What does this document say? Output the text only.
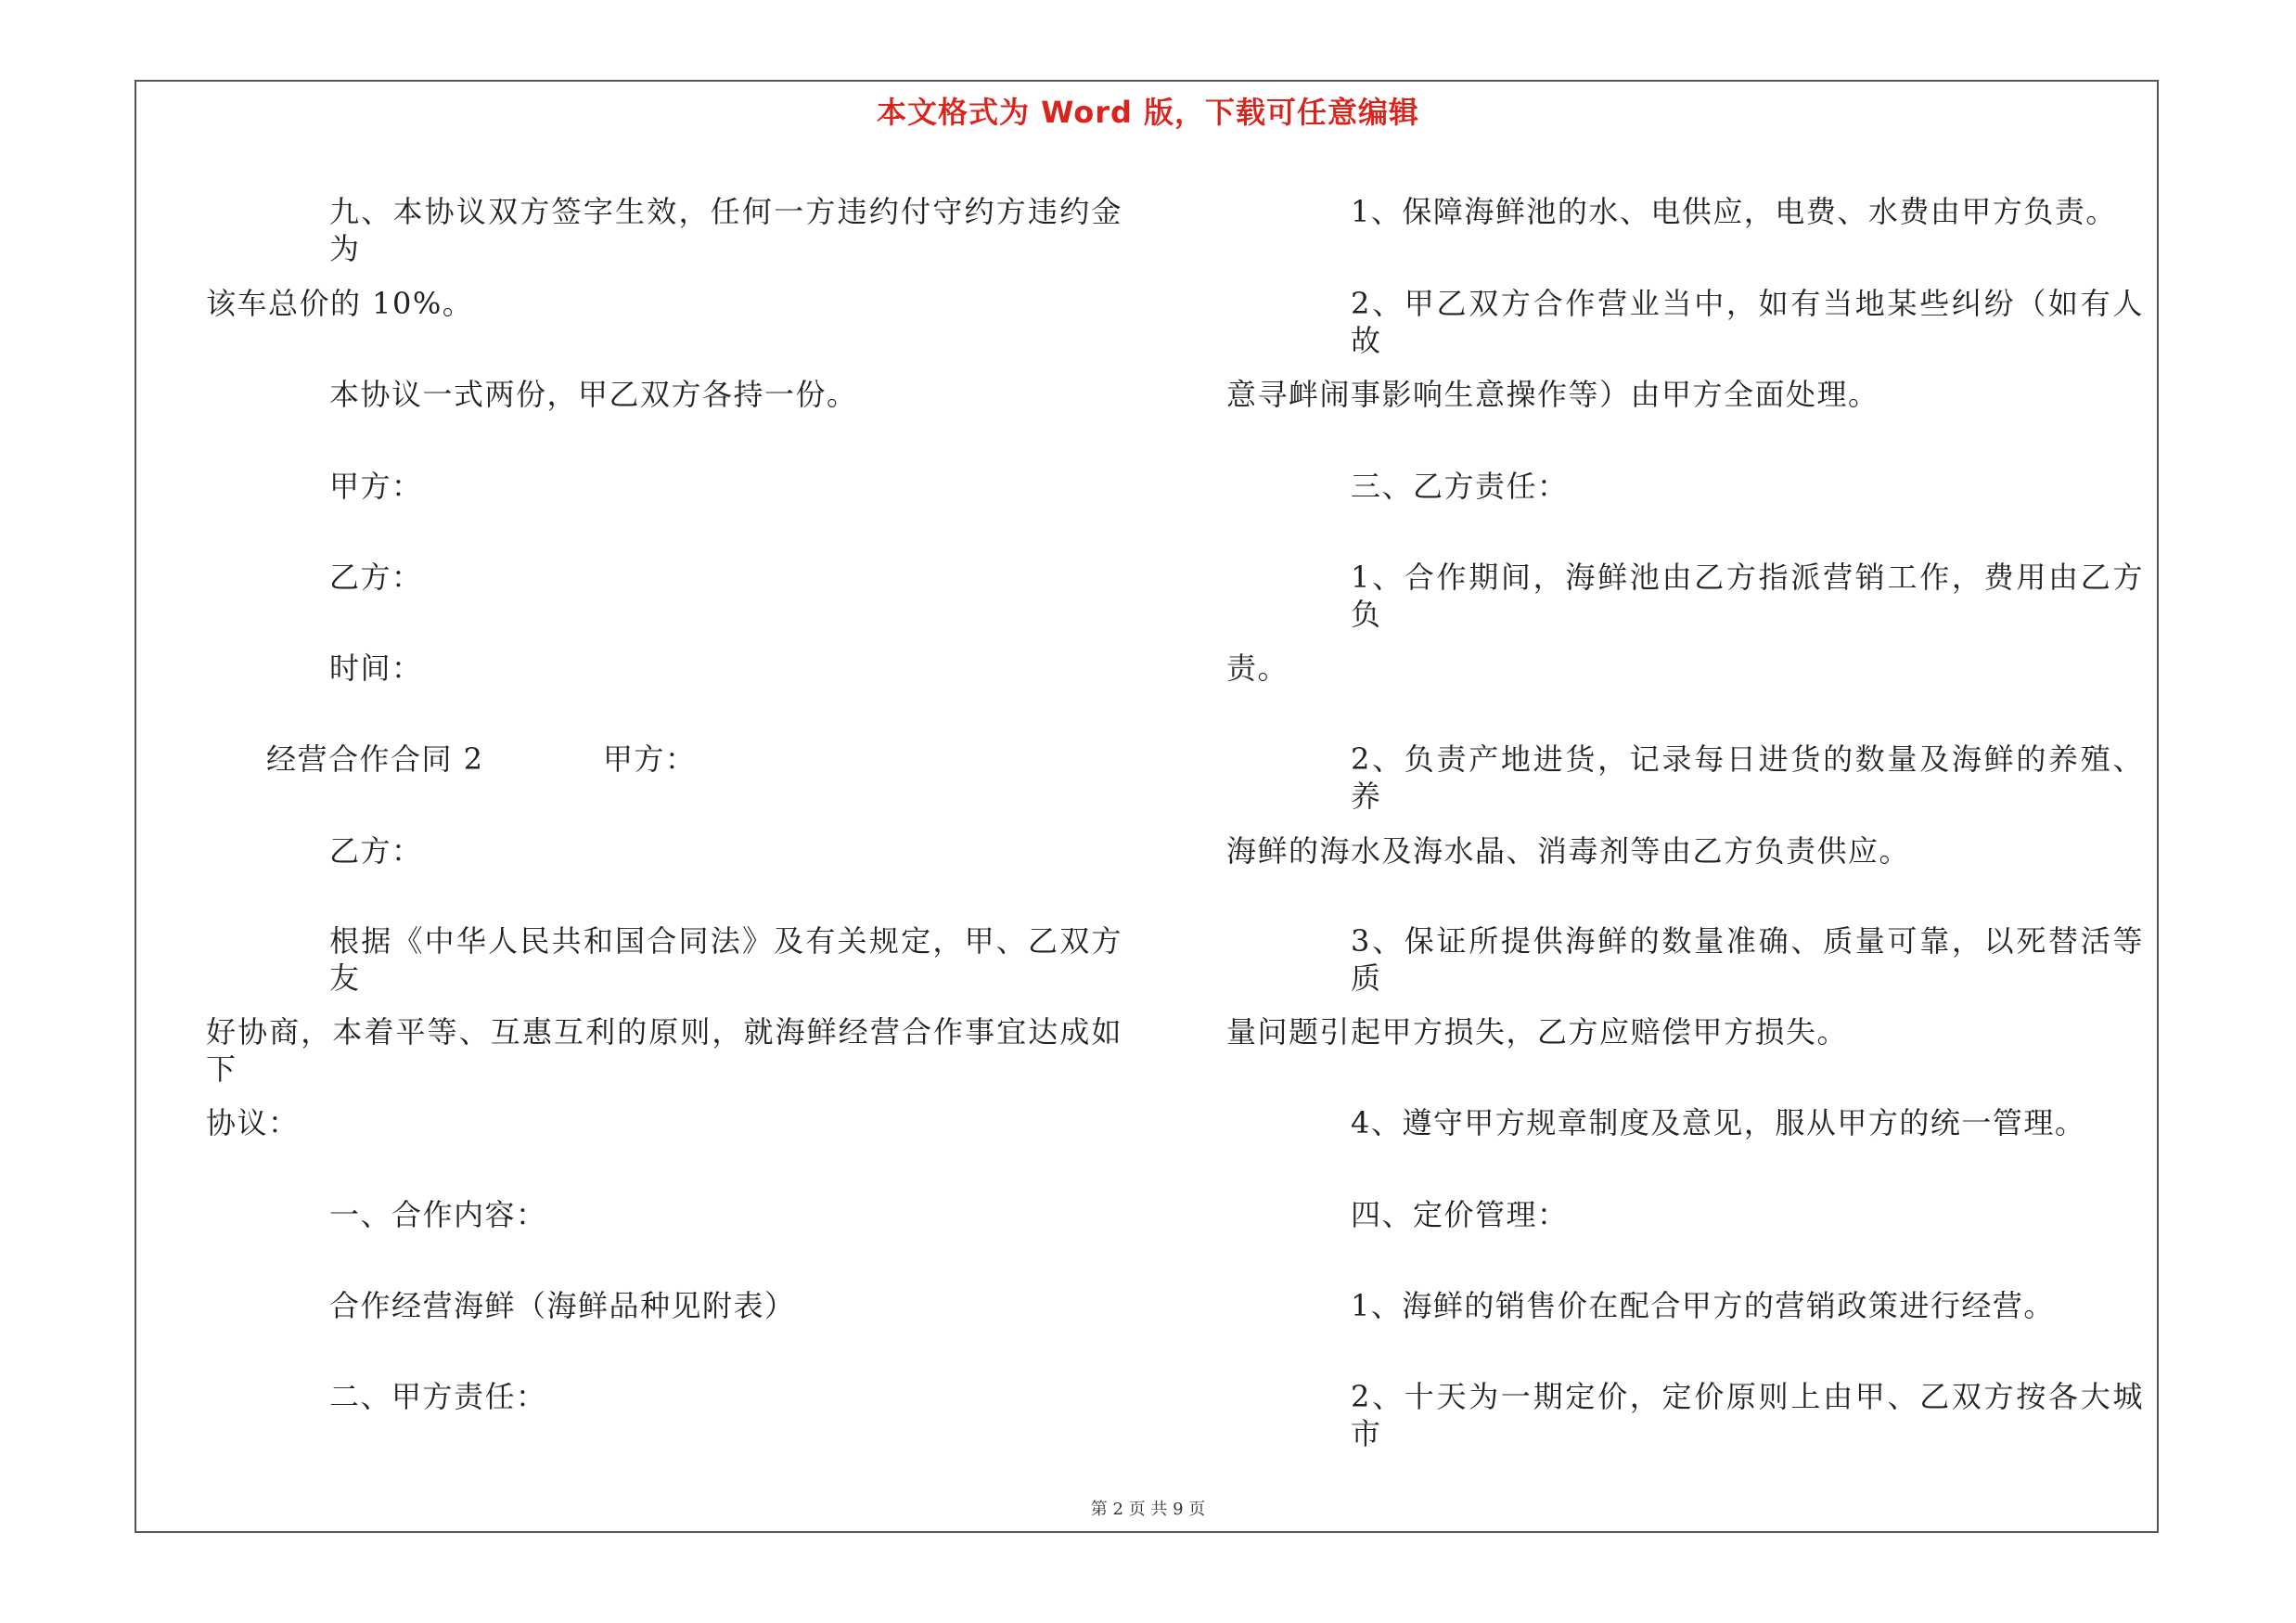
本文格式为 Word 版，下载可任意编辑
九、本协议双方签字生效，任何一方违约付守约方违约金为
该车总价的 10%。
本协议一式两份，甲乙双方各持一份。
甲方：
乙方：
时间：
经营合作合同 2	甲方：
乙方：
根据《中华人民共和国合同法》及有关规定，甲、乙双方友
好协商，本着平等、互惠互利的原则，就海鲜经营合作事宜达成如下
协议：
一、合作内容：
合作经营海鲜（海鲜品种见附表）
二、甲方责任：
1、保障海鲜池的水、电供应，电费、水费由甲方负责。
2、甲乙双方合作营业当中，如有当地某些纠纷（如有人故
意寻衅闹事影响生意操作等）由甲方全面处理。
三、乙方责任：
1、合作期间，海鲜池由乙方指派营销工作，费用由乙方负
责。
2、负责产地进货，记录每日进货的数量及海鲜的养殖、养
海鲜的海水及海水晶、消毒剂等由乙方负责供应。
3、保证所提供海鲜的数量准确、质量可靠，以死替活等质
量问题引起甲方损失，乙方应赔偿甲方损失。
4、遵守甲方规章制度及意见，服从甲方的统一管理。
四、定价管理：
1、海鲜的销售价在配合甲方的营销政策进行经营。
2、十天为一期定价，定价原则上由甲、乙双方按各大城市
第 2 页 共 9 页
